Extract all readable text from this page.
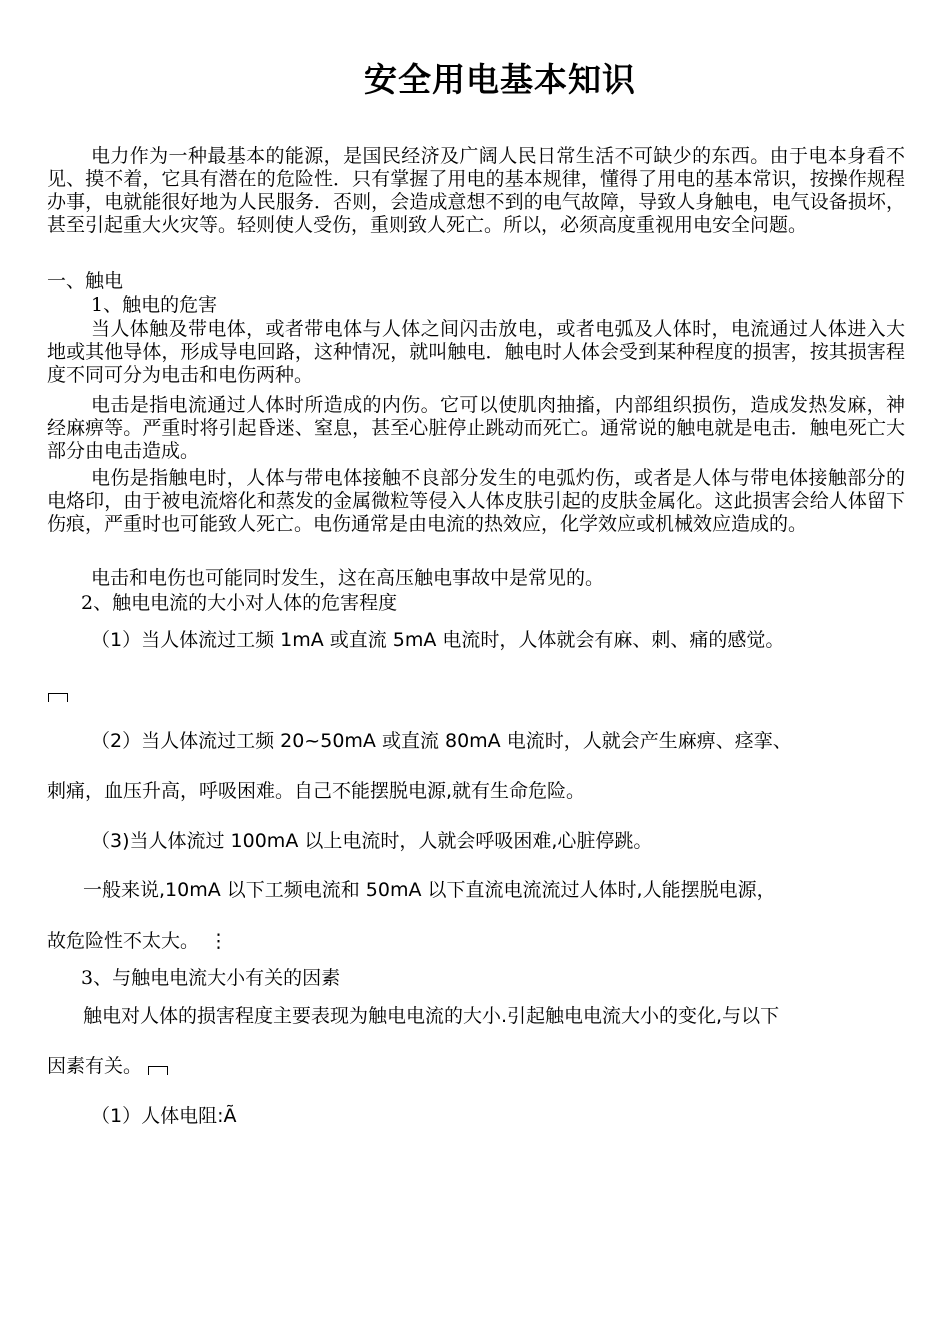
安全用电基本知识
电力作为一种最基本的能源，是国民经济及广阔人民日常生活不可缺少的东西。由于电本身看不见、摸不着，它具有潜在的危险性．只有掌握了用电的基本规律，懂得了用电的基本常识，按操作规程办事，电就能很好地为人民服务．否则，会造成意想不到的电气故障，导致人身触电，电气设备损坏，甚至引起重大火灾等。轻则使人受伤，重则致人死亡。所以，必须高度重视用电安全问题。
一、触电
1、触电的危害
当人体触及带电体，或者带电体与人体之间闪击放电，或者电弧及人体时，电流通过人体进入大地或其他导体，形成导电回路，这种情况，就叫触电．触电时人体会受到某种程度的损害，按其损害程度不同可分为电击和电伤两种。
电击是指电流通过人体时所造成的内伤。它可以使肌肉抽搐，内部组织损伤，造成发热发麻，神经麻痹等。严重时将引起昏迷、窒息，甚至心脏停止跳动而死亡。通常说的触电就是电击．触电死亡大部分由电击造成。
电伤是指触电时，人体与带电体接触不良部分发生的电弧灼伤，或者是人体与带电体接触部分的电烙印，由于被电流熔化和蒸发的金属微粒等侵入人体皮肤引起的皮肤金属化。这此损害会给人体留下伤痕，严重时也可能致人死亡。电伤通常是由电流的热效应，化学效应或机械效应造成的。
电击和电伤也可能同时发生，这在高压触电事故中是常见的。
2、触电电流的大小对人体的危害程度
（1）当人体流过工频 1mA 或直流 5mA 电流时，人体就会有麻、刺、痛的感觉。
（2）当人体流过工频 20~50mA 或直流 80mA 电流时，人就会产生麻痹、痉挛、
刺痛，血压升高，呼吸困难。自己不能摆脱电源,就有生命危险。
（3)当人体流过 100mA 以上电流时，人就会呼吸困难,心脏停跳。
一般来说,10mA 以下工频电流和 50mA 以下直流电流流过人体时,人能摆脱电源，
故危险性不太大。 ⋮
3、与触电电流大小有关的因素
触电对人体的损害程度主要表现为触电电流的大小.引起触电电流大小的变化,与以下
因素有关。
（1）人体电阻:Ã
